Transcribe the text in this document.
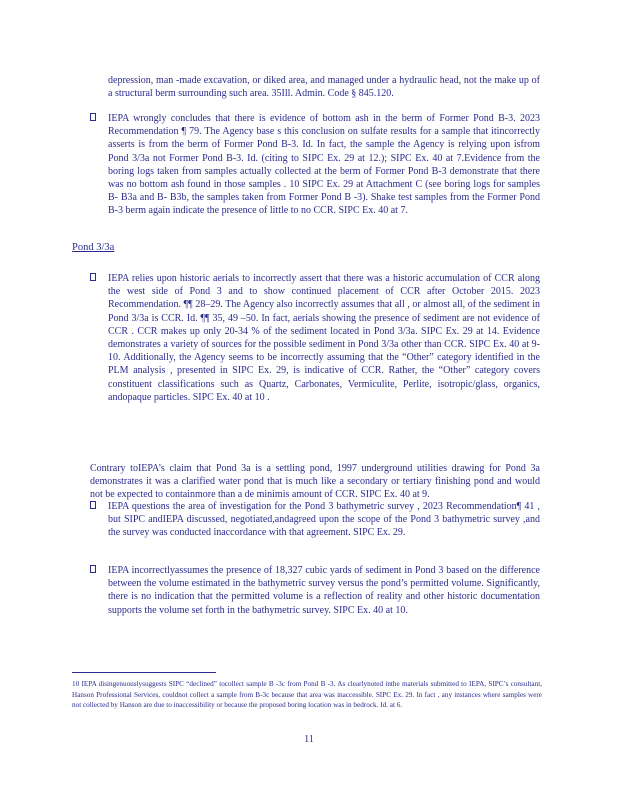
depression, man -made excavation, or diked area, and managed under a hydraulic head, not the make up of a structural berm surrounding such area. 35Ill. Admin. Code § 845.120.
IEPA wrongly concludes that there is evidence of bottom ash in the berm of Former Pond B-3. 2023 Recommendation ¶ 79. The Agency base s this conclusion on sulfate results for a sample that itincorrectly asserts is from the berm of Former Pond B-3. Id. In fact, the sample the Agency is relying upon isfrom Pond 3/3a not Former Pond B-3. Id. (citing to SIPC Ex. 29 at 12.); SIPC Ex. 40 at 7.Evidence from the boring logs taken from samples actually collected at the berm of Former Pond B-3 demonstrate that there was no bottom ash found in those samples . 10 SIPC Ex. 29 at Attachment C (see boring logs for samples B- B3a and B- B3b, the samples taken from Former Pond B -3). Shake test samples from the Former Pond B-3 berm again indicate the presence of little to no CCR. SIPC Ex. 40 at 7.
Pond 3/3a
IEPA relies upon historic aerials to incorrectly assert that there was a historic accumulation of CCR along the west side of Pond 3 and to show continued placement of CCR after October 2015. 2023 Recommendation. ¶¶ 28–29. The Agency also incorrectly assumes that all , or almost all, of the sediment in Pond 3/3a is CCR. Id. ¶¶ 35, 49 –50. In fact, aerials showing the presence of sediment are not evidence of CCR . CCR makes up only 20-34 % of the sediment located in Pond 3/3a. SIPC Ex. 29 at 14. Evidence demonstrates a variety of sources for the possible sediment in Pond 3/3a other than CCR. SIPC Ex. 40 at 9-10. Additionally, the Agency seems to be incorrectly assuming that the “Other” category identified in the PLM analysis , presented in SIPC Ex. 29, is indicative of CCR. Rather, the “Other” category covers constituent classifications such as Quartz, Carbonates, Vermiculite, Perlite, isotropic/glass, organics, andopaque particles. SIPC Ex. 40 at 10 .
Contrary toIEPA’s claim that Pond 3a is a settling pond, 1997 underground utilities drawing for Pond 3a demonstrates it was a clarified water pond that is much like a secondary or tertiary finishing pond and would not be expected to containmore than a de minimis amount of CCR. SIPC Ex. 40 at 9.
IEPA questions the area of investigation for the Pond 3 bathymetric survey , 2023 Recommendation¶ 41 , but SIPC andIEPA discussed, negotiated,andagreed upon the scope of the Pond 3 bathymetric survey ,and the survey was conducted inaccordance with that agreement. SIPC Ex. 29.
IEPA incorrectlyassumes the presence of 18,327 cubic yards of sediment in Pond 3 based on the difference between the volume estimated in the bathymetric survey versus the pond’s permitted volume. Significantly, there is no indication that the permitted volume is a reflection of reality and other historic documentation supports the volume set forth in the bathymetric survey. SIPC Ex. 40 at 10.
10 IEPA disingenuouslysuggests SIPC “declined” tocollect sample B -3c from Pond B -3. As clearlynoted inthe materials submitted to IEPA, SIPC’s consultant, Hanson Professional Services, couldnot collect a sample from B-3c because that area was inaccessible. SIPC Ex. 29. In fact , any instances where samples were not collected by Hanson are due to inaccessibility or because the proposed boring location was in bedrock. Id. at 6.
11
